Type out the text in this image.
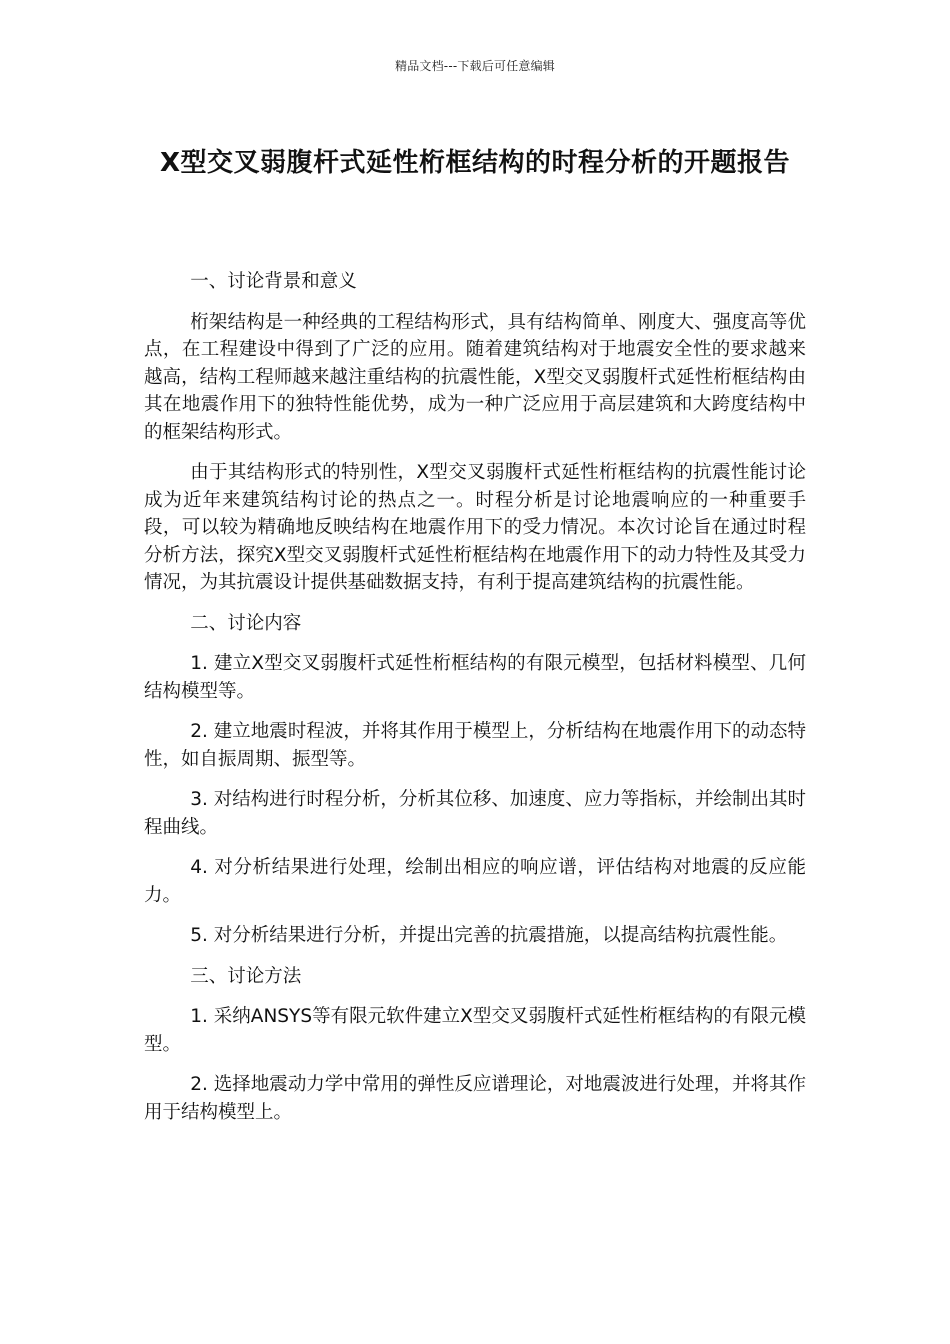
精品文档---下载后可任意编辑
X型交叉弱腹杆式延性桁框结构的时程分析的开题报告

一、讨论背景和意义

桁架结构是一种经典的工程结构形式，具有结构简单、刚度大、强度高等优点，在工程建设中得到了广泛的应用。随着建筑结构对于地震安全性的要求越来越高，结构工程师越来越注重结构的抗震性能，X型交叉弱腹杆式延性桁框结构由其在地震作用下的独特性能优势，成为一种广泛应用于高层建筑和大跨度结构中的框架结构形式。

由于其结构形式的特别性，X型交叉弱腹杆式延性桁框结构的抗震性能讨论成为近年来建筑结构讨论的热点之一。时程分析是讨论地震响应的一种重要手段，可以较为精确地反映结构在地震作用下的受力情况。本次讨论旨在通过时程分析方法，探究X型交叉弱腹杆式延性桁框结构在地震作用下的动力特性及其受力情况，为其抗震设计提供基础数据支持，有利于提高建筑结构的抗震性能。

二、讨论内容

1. 建立X型交叉弱腹杆式延性桁框结构的有限元模型，包括材料模型、几何结构模型等。

2. 建立地震时程波，并将其作用于模型上，分析结构在地震作用下的动态特性，如自振周期、振型等。

3. 对结构进行时程分析，分析其位移、加速度、应力等指标，并绘制出其时程曲线。

4. 对分析结果进行处理，绘制出相应的响应谱，评估结构对地震的反应能力。

5. 对分析结果进行分析，并提出完善的抗震措施，以提高结构抗震性能。

三、讨论方法

1. 采纳ANSYS等有限元软件建立X型交叉弱腹杆式延性桁框结构的有限元模型。

2. 选择地震动力学中常用的弹性反应谱理论，对地震波进行处理，并将其作用于结构模型上。
